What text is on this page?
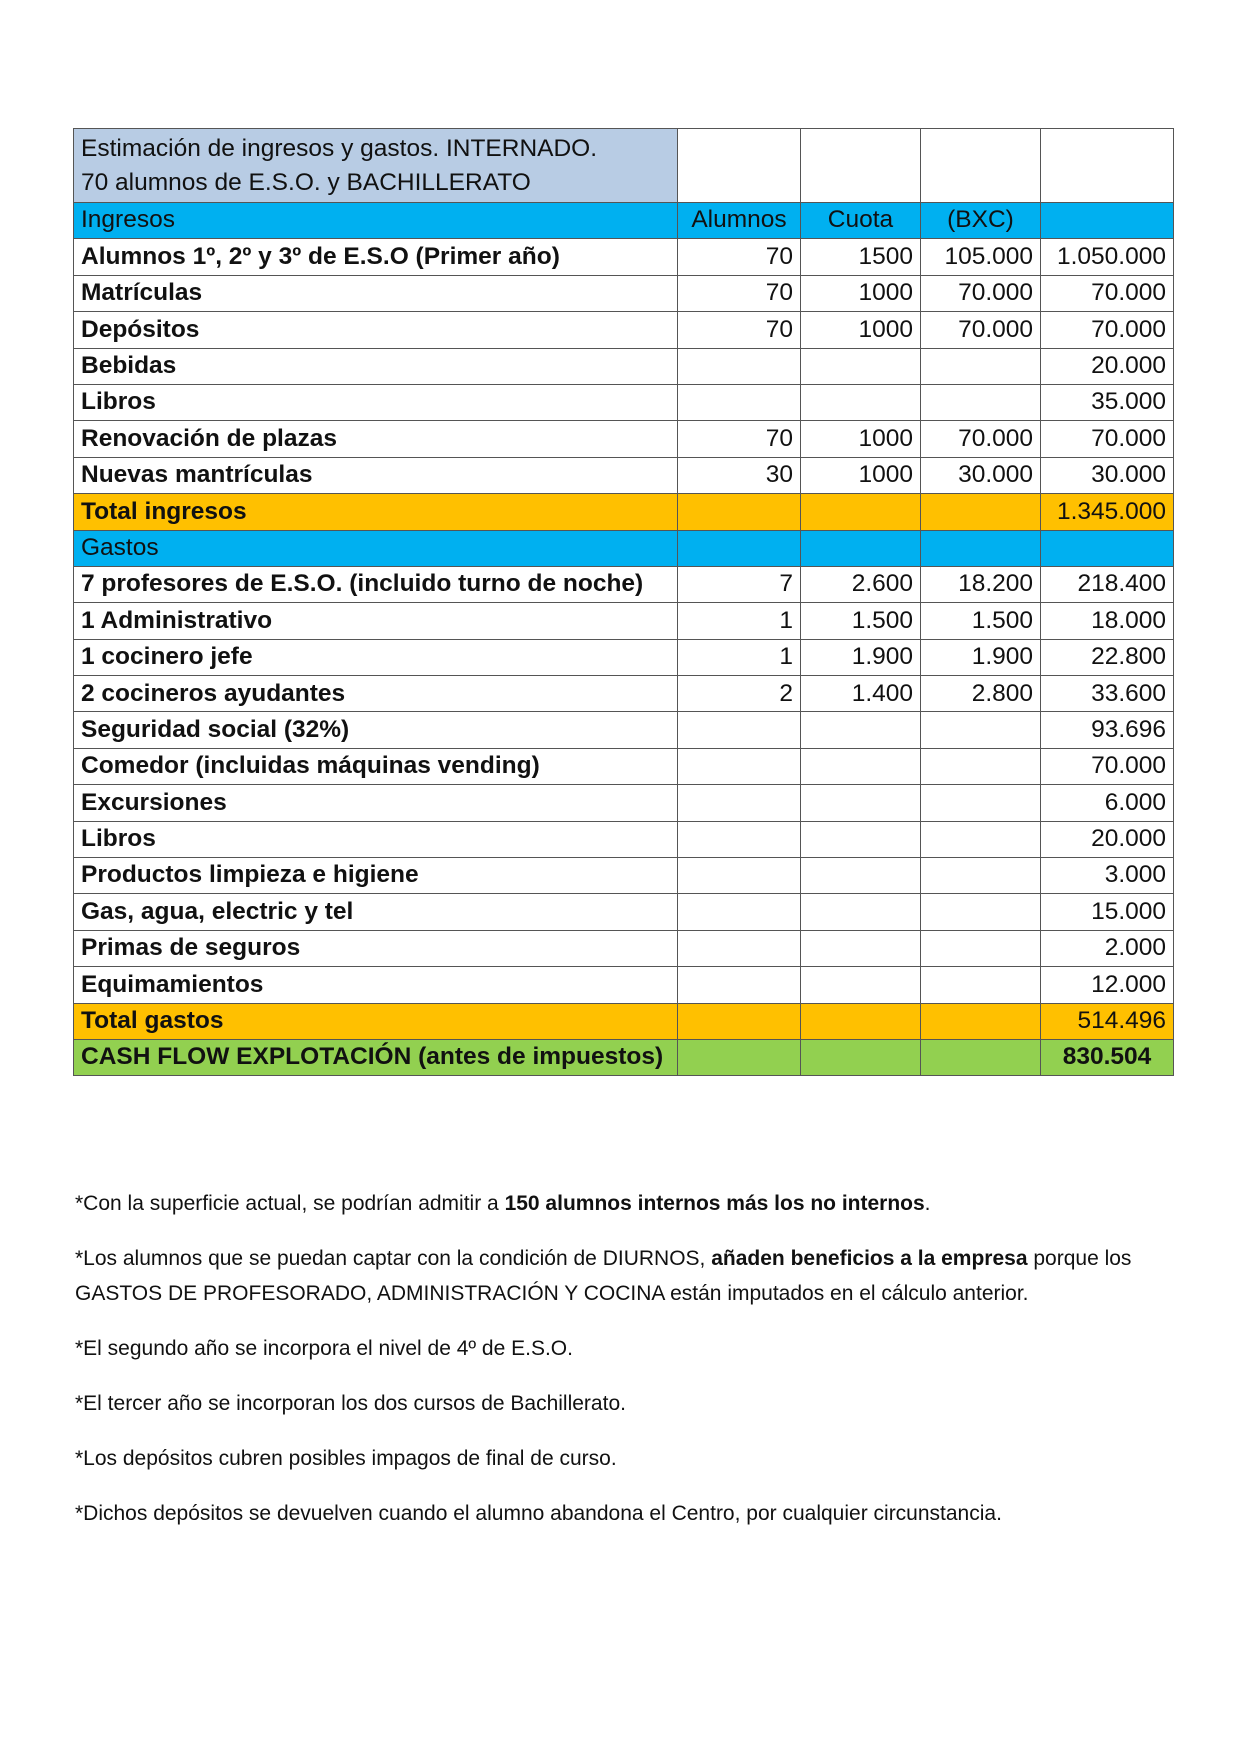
Estimación de ingresos y gastos. INTERNADO.
70 alumnos de E.S.O. y BACHILLERATO				
Ingresos	Alumnos	Cuota	(BXC)	
Alumnos 1º, 2º y 3º de E.S.O (Primer año)	70	1500	105.000	1.050.000
Matrículas	70	1000	70.000	70.000
Depósitos	70	1000	70.000	70.000
Bebidas				20.000
Libros				35.000
Renovación de plazas	70	1000	70.000	70.000
Nuevas mantrículas	30	1000	30.000	30.000
Total ingresos				1.345.000
Gastos				
7 profesores de E.S.O. (incluido turno de noche)	7	2.600	18.200	218.400
1 Administrativo	1	1.500	1.500	18.000
1 cocinero jefe	1	1.900	1.900	22.800
2 cocineros ayudantes	2	1.400	2.800	33.600
Seguridad social (32%)				93.696
Comedor (incluidas máquinas vending)				70.000
Excursiones				6.000
Libros				20.000
Productos limpieza e higiene				3.000
Gas, agua, electric y tel				15.000
Primas de seguros				2.000
Equimamientos				12.000
Total gastos				514.496
CASH FLOW EXPLOTACIÓN (antes de impuestos)				830.504

*Con la superficie actual, se podrían admitir a 150 alumnos internos más los no internos.

*Los alumnos que se puedan captar con la condición de DIURNOS, añaden beneficios a la empresa porque los GASTOS DE PROFESORADO, ADMINISTRACIÓN Y COCINA están imputados en el cálculo anterior.

*El segundo año se incorpora el nivel de 4º de E.S.O.

*El tercer año se incorporan los dos cursos de Bachillerato.

*Los depósitos cubren posibles impagos de final de curso.

*Dichos depósitos se devuelven cuando el alumno abandona el Centro, por cualquier circunstancia.
